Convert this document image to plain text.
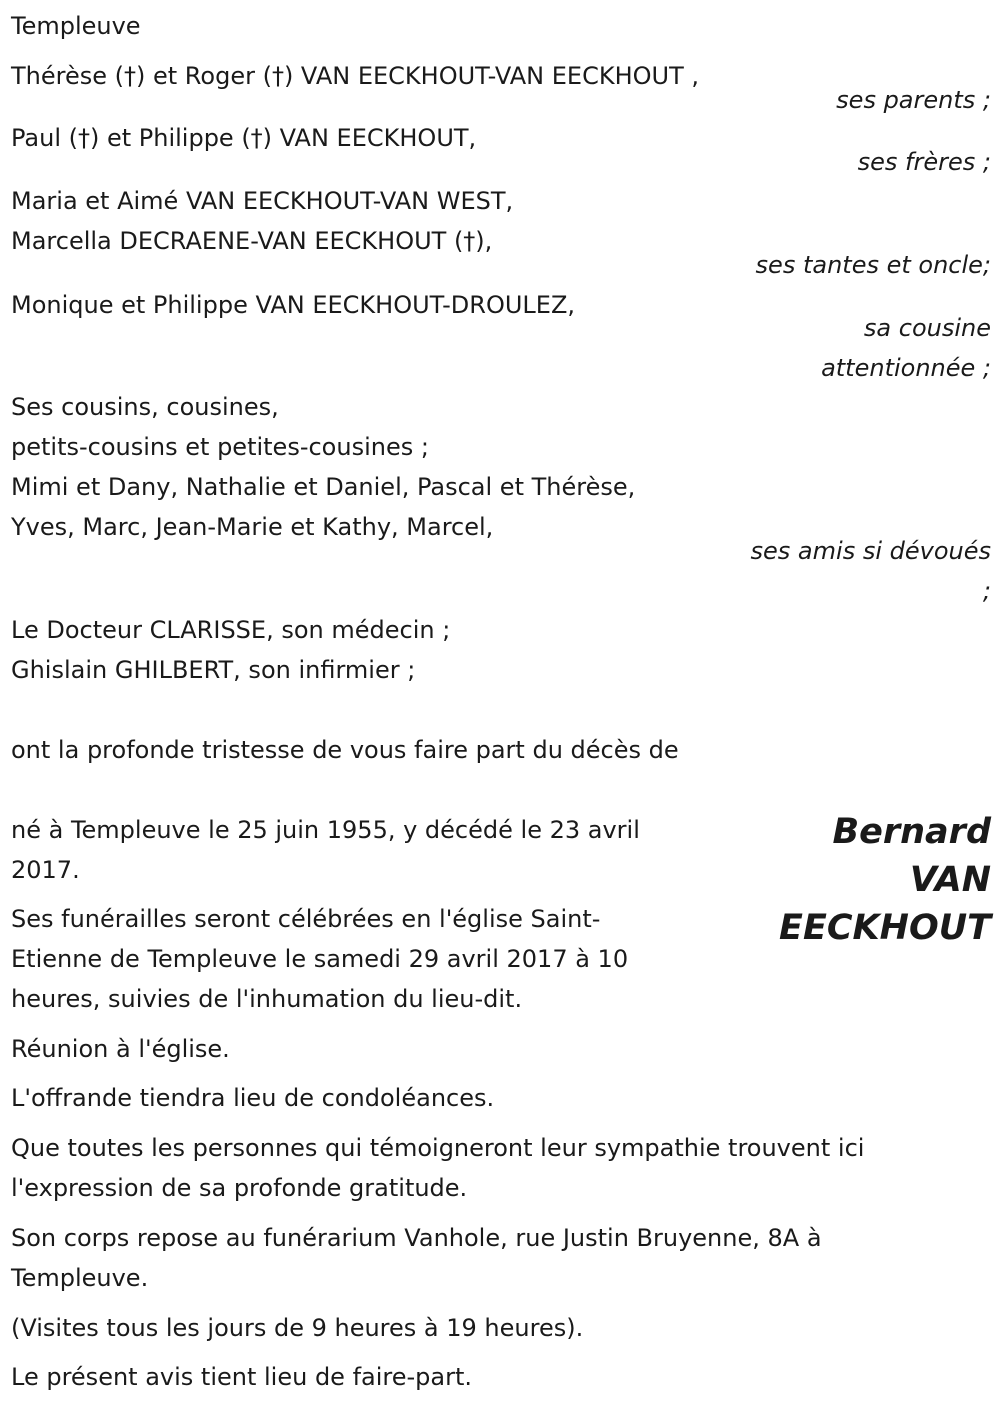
Templeuve
Thérèse (†) et Roger (†) VAN EECKHOUT-VAN EECKHOUT ,
ses parents ;
Paul (†) et Philippe (†) VAN EECKHOUT,
ses frères ;
Maria et Aimé VAN EECKHOUT-VAN WEST,
Marcella DECRAENE-VAN EECKHOUT (†),
ses tantes et oncle;
Monique et Philippe VAN EECKHOUT-DROULEZ,
sa cousine
attentionnée ;
Ses cousins, cousines,
petits-cousins et petites-cousines ;
Mimi et Dany, Nathalie et Daniel, Pascal et Thérèse,
Yves, Marc, Jean-Marie et Kathy, Marcel,
ses amis si dévoués
;
Le Docteur CLARISSE, son médecin ;
Ghislain GHILBERT, son infirmier ;
ont la profonde tristesse de vous faire part du décès de
Bernard
VAN
EECKHOUT
né à Templeuve le 25 juin 1955, y décédé le 23 avril
2017.
Ses funérailles seront célébrées en l'église Saint-
Etienne de Templeuve le samedi 29 avril 2017 à 10
heures, suivies de l'inhumation du lieu-dit.
Réunion à l'église.
L'offrande tiendra lieu de condoléances.
Que toutes les personnes qui témoigneront leur sympathie trouvent ici
l'expression de sa profonde gratitude.
Son corps repose au funérarium Vanhole, rue Justin Bruyenne, 8A à
Templeuve.
(Visites tous les jours de 9 heures à 19 heures).
Le présent avis tient lieu de faire-part.
